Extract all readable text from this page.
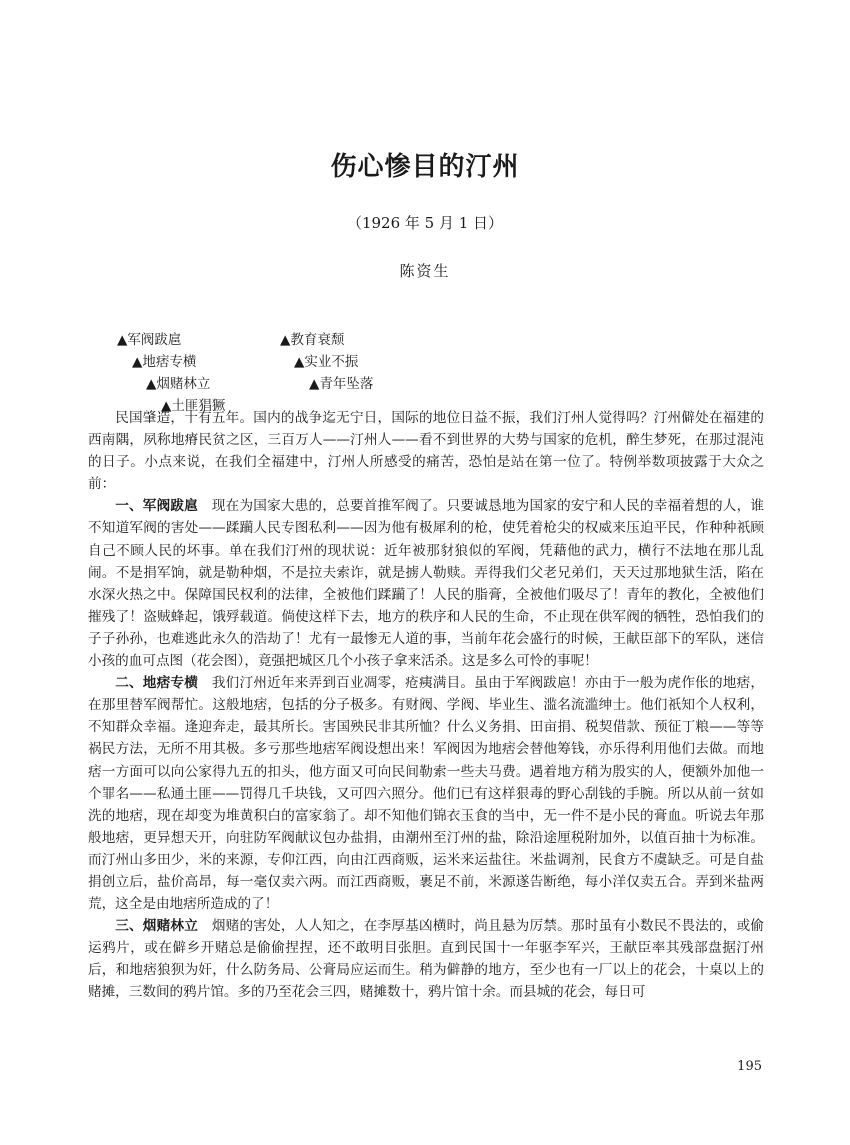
伤心惨目的汀州
（1926 年 5 月 1 日）
陈资生
▲军阀跋扈	▲教育衰颓
▲地痞专横	▲实业不振
▲烟赌林立	▲青年坠落
▲土匪猖獗

民国肇造，十有五年。国内的战争迄无宁日，国际的地位日益不振，我们汀州人觉得吗？汀州僻处在福建的西南隅，夙称地瘠民贫之区，三百万人——汀州人——看不到世界的大势与国家的危机，醉生梦死，在那过混沌的日子。小点来说，在我们全福建中，汀州人所感受的痛苦，恐怕是站在第一位了。特例举数项披露于大众之前：

一、军阀跋扈　 现在为国家大患的，总要首推军阀了。只要诚恳地为国家的安宁和人民的幸福着想的人，谁不知道军阀的害处——蹂躏人民专图私利——因为他有极犀利的枪，使凭着枪尖的权威来压迫平民，作种种祇顾自己不顾人民的坏事。单在我们汀州的现状说：近年被那豺狼似的军阀，凭藉他的武力，横行不法地在那儿乱闹。不是捐军饷，就是勒种烟，不是拉夫索诈，就是掳人勒赎。弄得我们父老兄弟们，天天过那地狱生活，陷在水深火热之中。保障国民权利的法律，全被他们蹂躏了！人民的脂膏，全被他们吸尽了！青年的教化，全被他们摧残了！盗贼蜂起，饿殍载道。倘使这样下去，地方的秩序和人民的生命，不止现在供军阀的牺牲，恐怕我们的子子孙孙，也难逃此永久的浩劫了！尤有一最惨无人道的事，当前年花会盛行的时候，王献臣部下的军队，迷信小孩的血可点图（花会图），竟强把城区几个小孩子拿来活杀。这是多么可怜的事呢！

二、地痞专横　 我们汀州近年来弄到百业凋零，疮痍满目。虽由于军阀跋扈！亦由于一般为虎作伥的地痞，在那里替军阀帮忙。这般地痞，包括的分子极多。有财阀、学阀、毕业生、滥名流滥绅士。他们祇知个人权利，不知群众幸福。逢迎奔走，最其所长。害国殃民非其所恤？什么义务捐、田亩捐、税契借款、预征丁粮——等等祸民方法，无所不用其极。多亏那些地痞军阀设想出来！军阀因为地痞会替他筹钱，亦乐得利用他们去做。而地痞一方面可以向公家得九五的扣头，他方面又可向民间勒索一些夫马费。遇着地方稍为殷实的人，便额外加他一个罪名——私通土匪——罚得几千块钱，又可四六照分。他们已有这样狠毒的野心刮钱的手腕。所以从前一贫如洗的地痞，现在却变为堆黄积白的富家翁了。却不知他们锦衣玉食的当中，无一件不是小民的膏血。听说去年那般地痞，更异想天开，向驻防军阀献议包办盐捐，由潮州至汀州的盐，除沿途厘税附加外，以值百抽十为标准。而汀州山多田少，米的来源，专仰江西，向由江西商贩，运米来运盐往。米盐调剂，民食方不虞缺乏。可是自盐捐创立后，盐价高昂，每一毫仅卖六两。而江西商贩，裹足不前，米源遂告断绝，每小洋仅卖五合。弄到米盐两荒，这全是由地痞所造成的了！

三、烟赌林立　 烟赌的害处，人人知之，在李厚基凶横时，尚且悬为厉禁。那时虽有小数民不畏法的，或偷运鸦片，或在僻乡开赌总是偷偷捏捏，还不敢明目张胆。直到民国十一年驱李军兴，王献臣率其残部盘据汀州后，和地痞狼狈为奸，什么防务局、公膏局应运而生。稍为僻静的地方，至少也有一厂以上的花会，十桌以上的赌摊，三数间的鸦片馆。多的乃至花会三四，赌摊数十，鸦片馆十余。而县城的花会，每日可

195
